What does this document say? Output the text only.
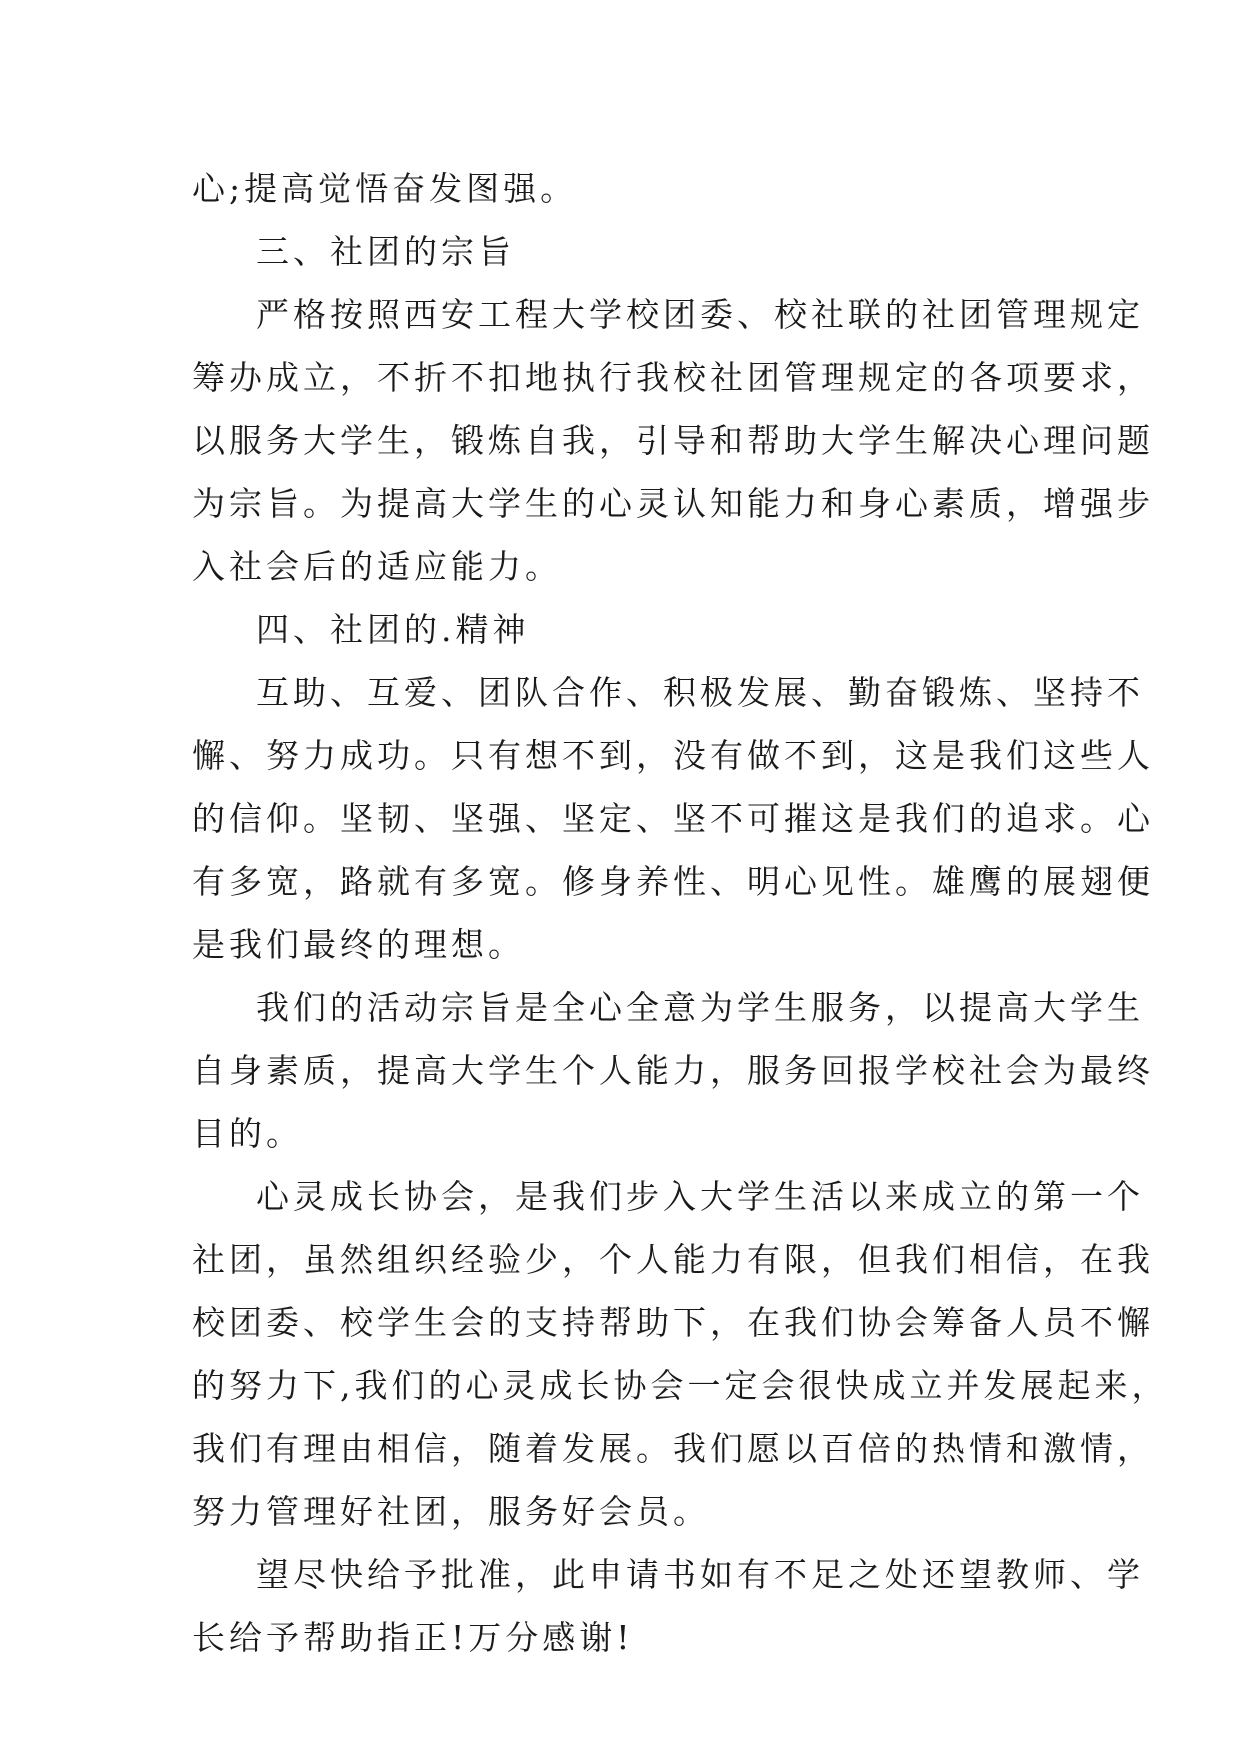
心;提高觉悟奋发图强。
三、社团的宗旨
严格按照西安工程大学校团委、校社联的社团管理规定
筹办成立，不折不扣地执行我校社团管理规定的各项要求，
以服务大学生，锻炼自我，引导和帮助大学生解决心理问题
为宗旨。为提高大学生的心灵认知能力和身心素质，增强步
入社会后的适应能力。
四、社团的.精神
互助、互爱、团队合作、积极发展、勤奋锻炼、坚持不
懈、努力成功。只有想不到，没有做不到，这是我们这些人
的信仰。坚韧、坚强、坚定、坚不可摧这是我们的追求。心
有多宽，路就有多宽。修身养性、明心见性。雄鹰的展翅便
是我们最终的理想。
我们的活动宗旨是全心全意为学生服务，以提高大学生
自身素质，提高大学生个人能力，服务回报学校社会为最终
目的。
心灵成长协会，是我们步入大学生活以来成立的第一个
社团，虽然组织经验少，个人能力有限，但我们相信，在我
校团委、校学生会的支持帮助下，在我们协会筹备人员不懈
的努力下,我们的心灵成长协会一定会很快成立并发展起来，
我们有理由相信，随着发展。我们愿以百倍的热情和激情，
努力管理好社团，服务好会员。
望尽快给予批准，此申请书如有不足之处还望教师、学
长给予帮助指正!万分感谢!
